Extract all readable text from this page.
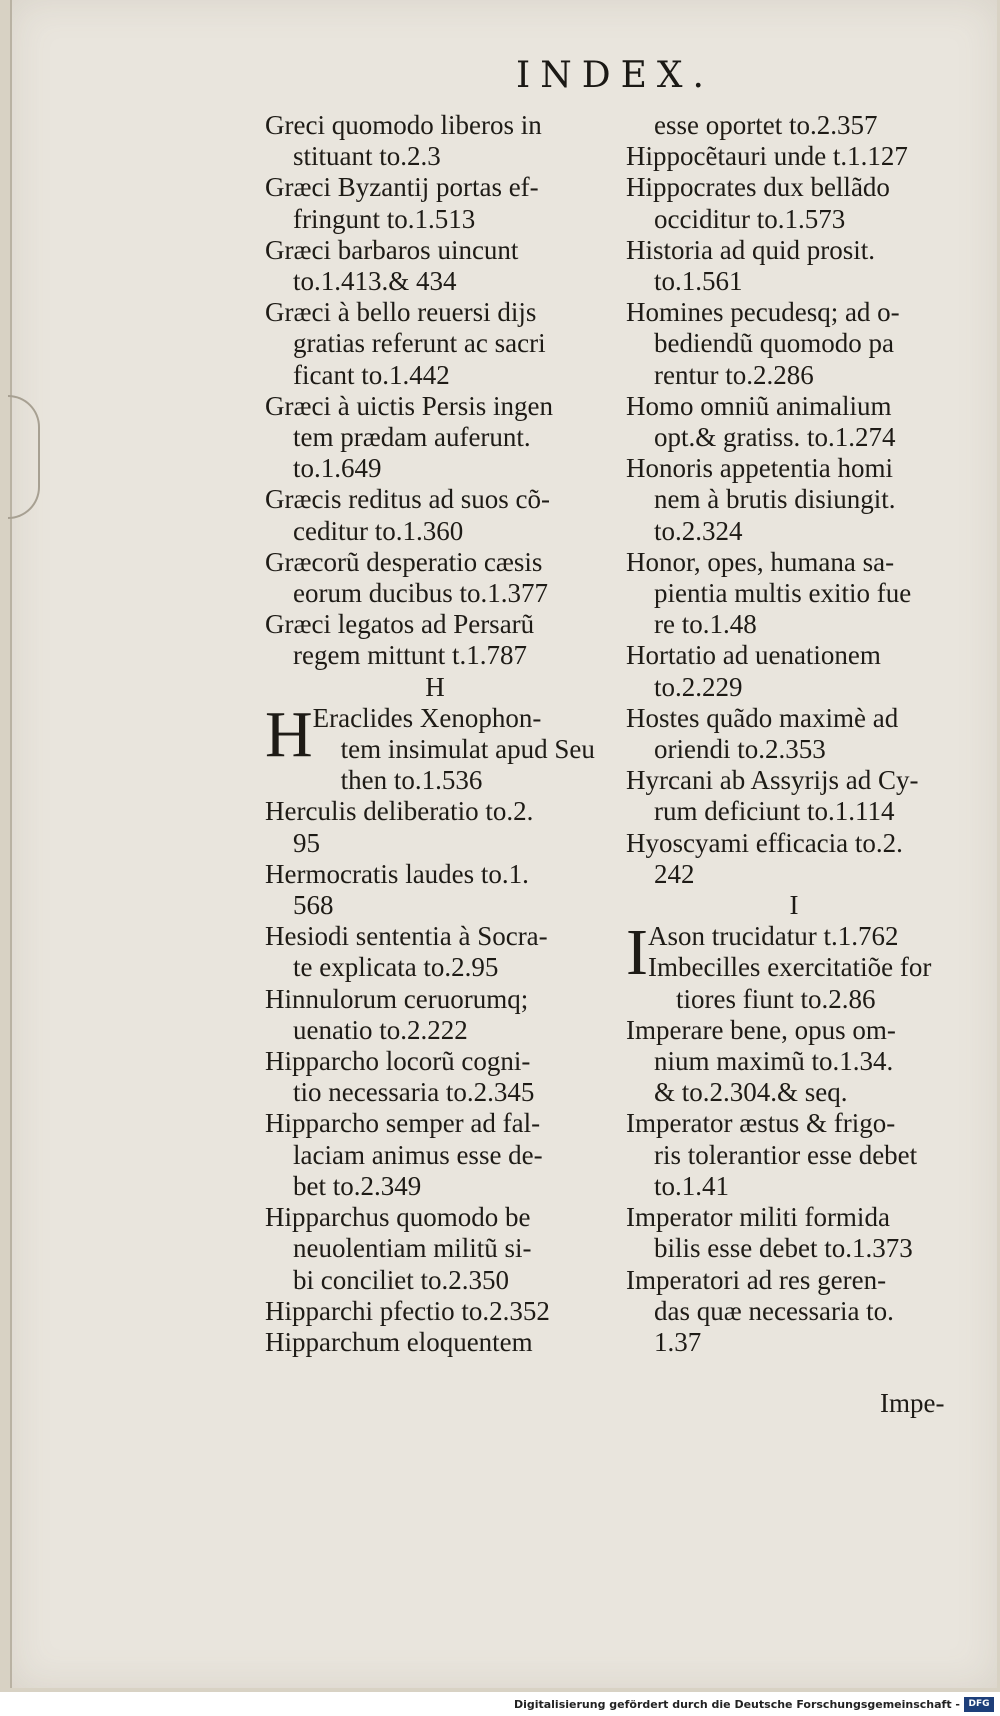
INDEX.
Greci quomodo liberos in
stituant to.2.3
Græci Byzantij portas ef-
fringunt to.1.513
Græci barbaros uincunt
to.1.413.& 434
Græci à bello reuersi dijs
gratias referunt ac sacri
ficant to.1.442
Græci à uictis Persis ingen
tem prædam auferunt.
to.1.649
Græcis reditus ad suos cõ-
ceditur to.1.360
Græcorũ desperatio cæsis
eorum ducibus to.1.377
Græci legatos ad Persarũ
regem mittunt t.1.787
H
H Eraclides Xenophon-
tem insimulat apud Seu
then to.1.536
Herculis deliberatio to.2.
95
Hermocratis laudes to.1.
568
Hesiodi sententia à Socra-
te explicata to.2.95
Hinnulorum ceruorumq;
uenatio to.2.222
Hipparcho locorũ cogni-
tio necessaria to.2.345
Hipparcho semper ad fal-
laciam animus esse de-
bet to.2.349
Hipparchus quomodo be
neuolentiam militũ si-
bi conciliet to.2.350
Hipparchi pfectio to.2.352
Hipparchum eloquentem
esse oportet to.2.357
Hippocẽtauri unde t.1.127
Hippocrates dux bellãdo
occiditur to.1.573
Historia ad quid prosit.
to.1.561
Homines pecudesq; ad o-
bediendũ quomodo pa
rentur to.2.286
Homo omniũ animalium
opt.& gratiss. to.1.274
Honoris appetentia homi
nem à brutis disiungit.
to.2.324
Honor, opes, humana sa-
pientia multis exitio fue
re to.1.48
Hortatio ad uenationem
to.2.229
Hostes quãdo maximè ad
oriendi to.2.353
Hyrcani ab Assyrijs ad Cy-
rum deficiunt to.1.114
Hyoscyami efficacia to.2.
242
I
I Ason trucidatur t.1.762
Imbecilles exercitatiõe for
tiores fiunt to.2.86
Imperare bene, opus om-
nium maximũ to.1.34.
& to.2.304.& seq.
Imperator æstus & frigo-
ris tolerantior esse debet
to.1.41
Imperator militi formida
bilis esse debet to.1.373
Imperatori ad res geren-
das quæ necessaria to.
1.37
Impe-
Digitalisierung gefördert durch die Deutsche Forschungsgemeinschaft - DFG
